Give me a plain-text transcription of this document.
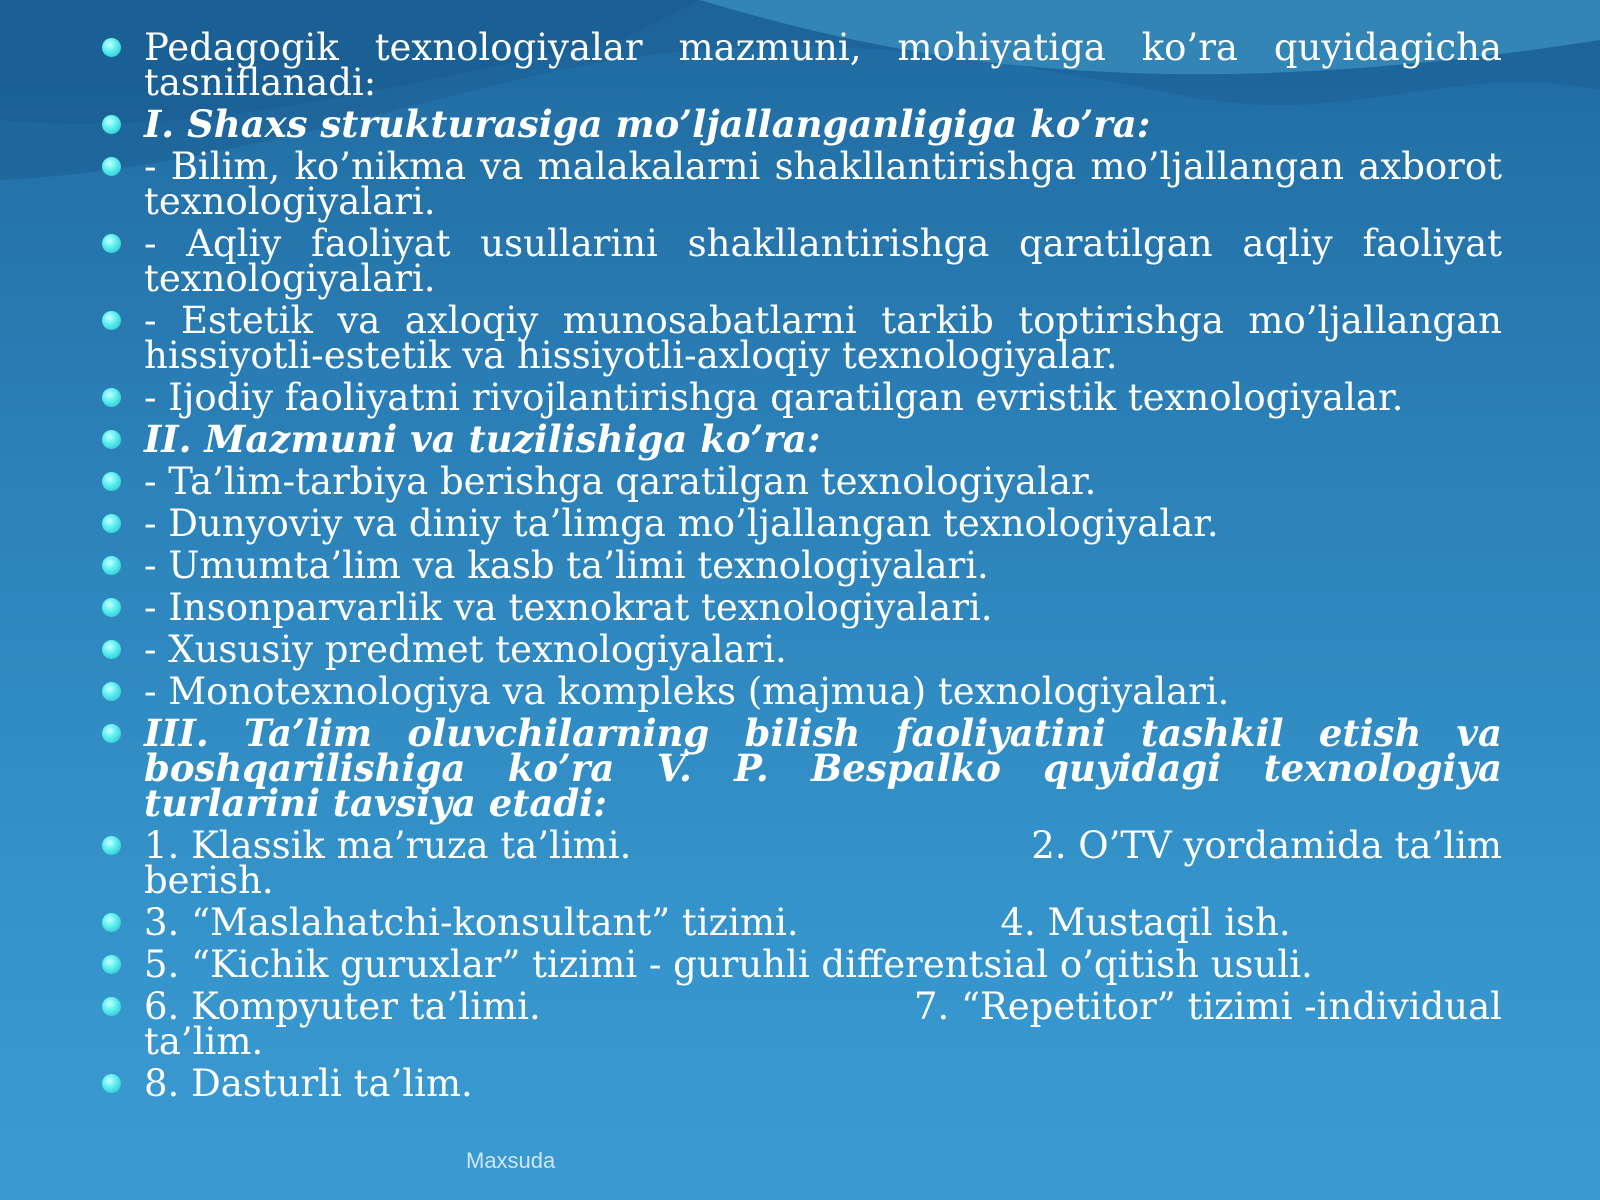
Pedagogik texnologiyalar mazmuni, mohiyatiga ko’ra quyidagicha tasniflanadi:
I. Shaxs strukturasiga mo’ljallanganligiga ko’ra:
- Bilim, ko’nikma va malakalarni shakllantirishga mo’ljallangan axborot texnologiyalari.
- Aqliy faoliyat usullarini shakllantirishga qaratilgan aqliy faoliyat texnologiyalari.
- Estetik va axloqiy munosabatlarni tarkib toptirishga mo’ljallangan hissiyotli-estetik va hissiyotli-axloqiy texnologiyalar.
- Ijodiy faoliyatni rivojlantirishga qaratilgan evristik texnologiyalar.
II. Mazmuni va tuzilishiga ko’ra:
- Ta’lim-tarbiya berishga qaratilgan texnologiyalar.
- Dunyoviy va diniy ta’limga mo’ljallangan texnologiyalar.
- Umumta’lim va kasb ta’limi texnologiyalari.
- Insonparvarlik va texnokrat texnologiyalari.
- Xususiy predmet texnologiyalari.
- Monotexnologiya va kompleks (majmua) texnologiyalari.
III. Ta’lim oluvchilarning bilish faoliyatini tashkil etish va boshqarilishiga ko’ra V. P. Bespalko quyidagi texnologiya turlarini tavsiya etadi:
1. Klassik ma’ruza ta’limi.	2. O’TV yordamida ta’lim
berish.
3. “Maslahatchi-konsultant” tizimi.	4. Mustaqil ish.
5. “Kichik guruxlar” tizimi - guruhli differentsial o’qitish usuli.
6. Kompyuter ta’limi.	7. “Repetitor” tizimi -individual
ta’lim.
8. Dasturli ta’lim.
Maxsuda
